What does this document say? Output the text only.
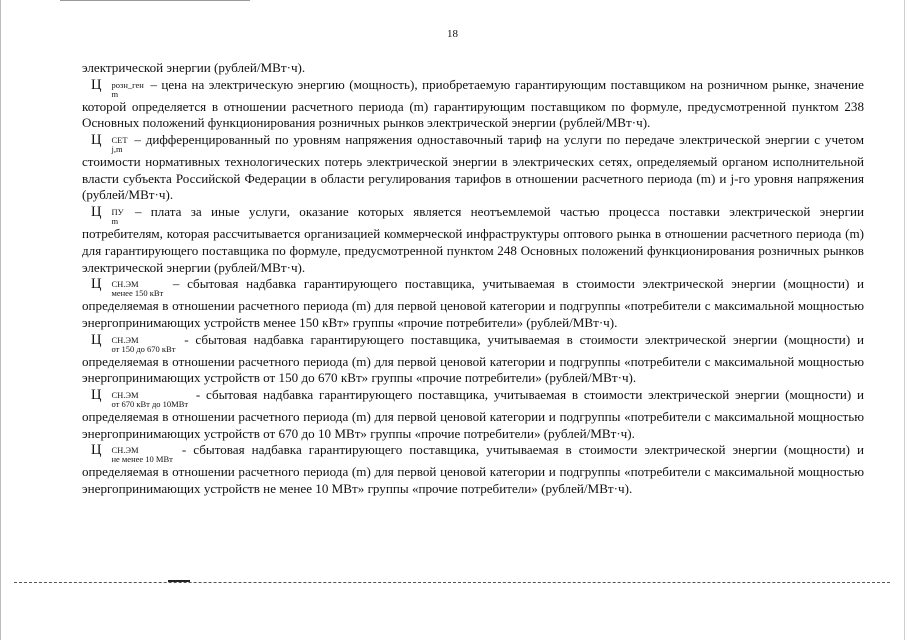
18

электрической энергии (рублей/МВт·ч).

Ц	розн_ген
m
– цена на электрическую энергию (мощность), приобретаемую гарантирующим поставщиком на розничном рынке, значение которой определяется в отношении расчетного периода (m) гарантирующим поставщиком по формуле, предусмотренной пунктом 238 Основных положений функционирования розничных рынков электрической энергии (рублей/МВт·ч).

Ц	СЕТ
j,m
– дифференцированный по уровням напряжения одноставочный тариф на услуги по передаче электрической энергии с учетом стоимости нормативных технологических потерь электрической энергии в электрических сетях, определяемый органом исполнительной власти субъекта Российской Федерации в области регулирования тарифов в отношении расчетного периода (m) и j-го уровня напряжения (рублей/МВт·ч).

Ц	ПУ
m
– плата за иные услуги, оказание которых является неотъемлемой частью процесса поставки электрической энергии потребителям, которая рассчитывается организацией коммерческой инфраструктуры оптового рынка в отношении расчетного периода (m) для гарантирующего поставщика по формуле, предусмотренной пунктом 248 Основных положений функционирования розничных рынков электрической энергии (рублей/МВт·ч).

Ц	СН.ЭМ
менее 150 кВт
– сбытовая надбавка гарантирующего поставщика, учитываемая в стоимости электрической энергии (мощности) и определяемая в отношении расчетного периода (m) для первой ценовой категории и подгруппы «потребители с максимальной мощностью энергопринимающих устройств менее 150 кВт» группы «прочие потребители» (рублей/МВт·ч).

Ц	СН.ЭМ
от 150 до 670 кВт
- сбытовая надбавка гарантирующего поставщика, учитываемая в стоимости электрической энергии (мощности) и определяемая в отношении расчетного периода (m) для первой ценовой категории и подгруппы «потребители с максимальной мощностью энергопринимающих устройств от 150 до 670 кВт» группы «прочие потребители» (рублей/МВт·ч).

Ц	СН.ЭМ
от 670 кВт до 10МВт
- сбытовая надбавка гарантирующего поставщика, учитываемая в стоимости электрической энергии (мощности) и определяемая в отношении расчетного периода (m) для первой ценовой категории и подгруппы «потребители с максимальной мощностью энергопринимающих устройств от 670 до 10 МВт» группы «прочие потребители» (рублей/МВт·ч).

Ц	СН.ЭМ
не менее 10 МВт
- сбытовая надбавка гарантирующего поставщика, учитываемая в стоимости электрической энергии (мощности) и определяемая в отношении расчетного периода (m) для первой ценовой категории и подгруппы «потребители с максимальной мощностью энергопринимающих устройств не менее 10 МВт» группы «прочие потребители» (рублей/МВт·ч).
